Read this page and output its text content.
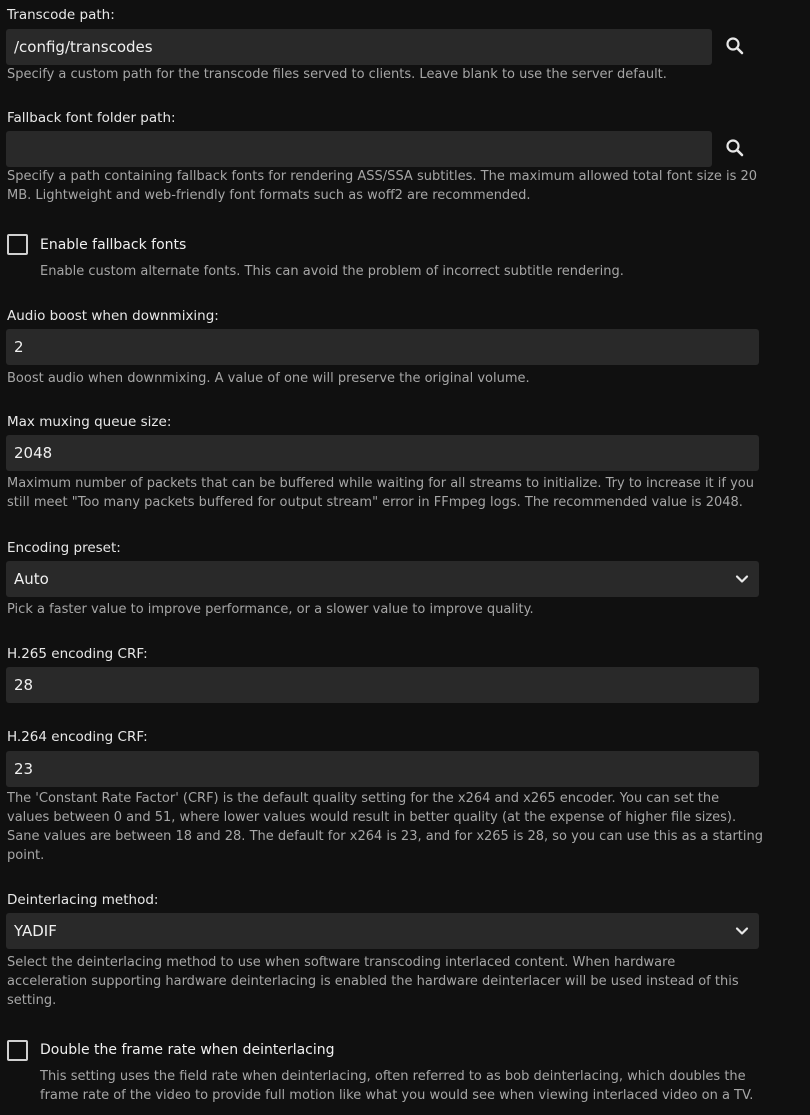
Transcode path:
/config/transcodes
Specify a custom path for the transcode files served to clients. Leave blank to use the server default.
Fallback font folder path:
Specify a path containing fallback fonts for rendering ASS/SSA subtitles. The maximum allowed total font size is 20
MB. Lightweight and web-friendly font formats such as woff2 are recommended.
Enable fallback fonts
Enable custom alternate fonts. This can avoid the problem of incorrect subtitle rendering.
Audio boost when downmixing:
2
Boost audio when downmixing. A value of one will preserve the original volume.
Max muxing queue size:
2048
Maximum number of packets that can be buffered while waiting for all streams to initialize. Try to increase it if you
still meet "Too many packets buffered for output stream" error in FFmpeg logs. The recommended value is 2048.
Encoding preset:
Auto
Pick a faster value to improve performance, or a slower value to improve quality.
H.265 encoding CRF:
28
H.264 encoding CRF:
23
The 'Constant Rate Factor' (CRF) is the default quality setting for the x264 and x265 encoder. You can set the
values between 0 and 51, where lower values would result in better quality (at the expense of higher file sizes).
Sane values are between 18 and 28. The default for x264 is 23, and for x265 is 28, so you can use this as a starting
point.
Deinterlacing method:
YADIF
Select the deinterlacing method to use when software transcoding interlaced content. When hardware
acceleration supporting hardware deinterlacing is enabled the hardware deinterlacer will be used instead of this
setting.
Double the frame rate when deinterlacing
This setting uses the field rate when deinterlacing, often referred to as bob deinterlacing, which doubles the
frame rate of the video to provide full motion like what you would see when viewing interlaced video on a TV.
